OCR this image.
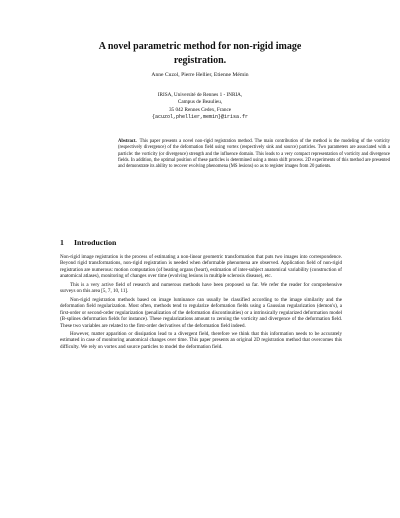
A novel parametric method for non-rigid image
registration.
Anne Cuzol, Pierre Hellier, Etienne Mémin
IRISA, Université de Rennes 1 - INRIA,
Campus de Beaulieu,
35 042 Rennes Cedex, France
{acuzol,phellier,memin}@irisa.fr
Abstract. This paper presents a novel non-rigid registration method. The main contribution of the method is the modeling of the vorticity (respectively divergence) of the deformation field using vortex (respectively sink and source) particles. Two parameters are associated with a particle: the vorticity (or divergence) strength and the influence domain. This leads to a very compact representation of vorticity and divergence fields. In addition, the optimal position of these particles is determined using a mean shift process. 2D experiments of this method are presented and demonstrate its ability to recover evolving phenomena (MS lesions) so as to register images from 20 patients.
1 Introduction

Non-rigid image registration is the process of estimating a non-linear geometric transformation that puts two images into correspondence. Beyond rigid transformations, non-rigid registration is needed when deformable phenomena are observed. Application field of non-rigid registration are numerous: motion computation (of beating organs (heart), estimation of inter-subject anatomical variability (construction of anatomical atlases), monitoring of changes over time (evolving lesions in multiple sclerosis disease), etc.

This is a very active field of research and numerous methods have been proposed so far. We refer the reader for comprehensive surveys on this area [5, 7, 10, 11].

Non-rigid registration methods based on image luminance can usually be classified according to the image similarity and the deformation field regularization. Most often, methods tend to regularize deformation fields using a Gaussian regularization (demon's), a first-order or second-order regularization (penalization of the deformation discontinuities) or a intrinsically regularized deformation model (B-splines deformation fields for instance). These regularizations amount to zeroing the vorticity and divergence of the deformation field. These two variables are related to the first-order derivatives of the deformation field indeed.

However, matter apparition or dissipation lead to a divergent field, therefore we think that this information needs to be accurately estimated in case of monitoring anatomical changes over time. This paper presents an original 2D registration method that overcomes this difficulty. We rely on vortex and source particles to model the deformation field.
